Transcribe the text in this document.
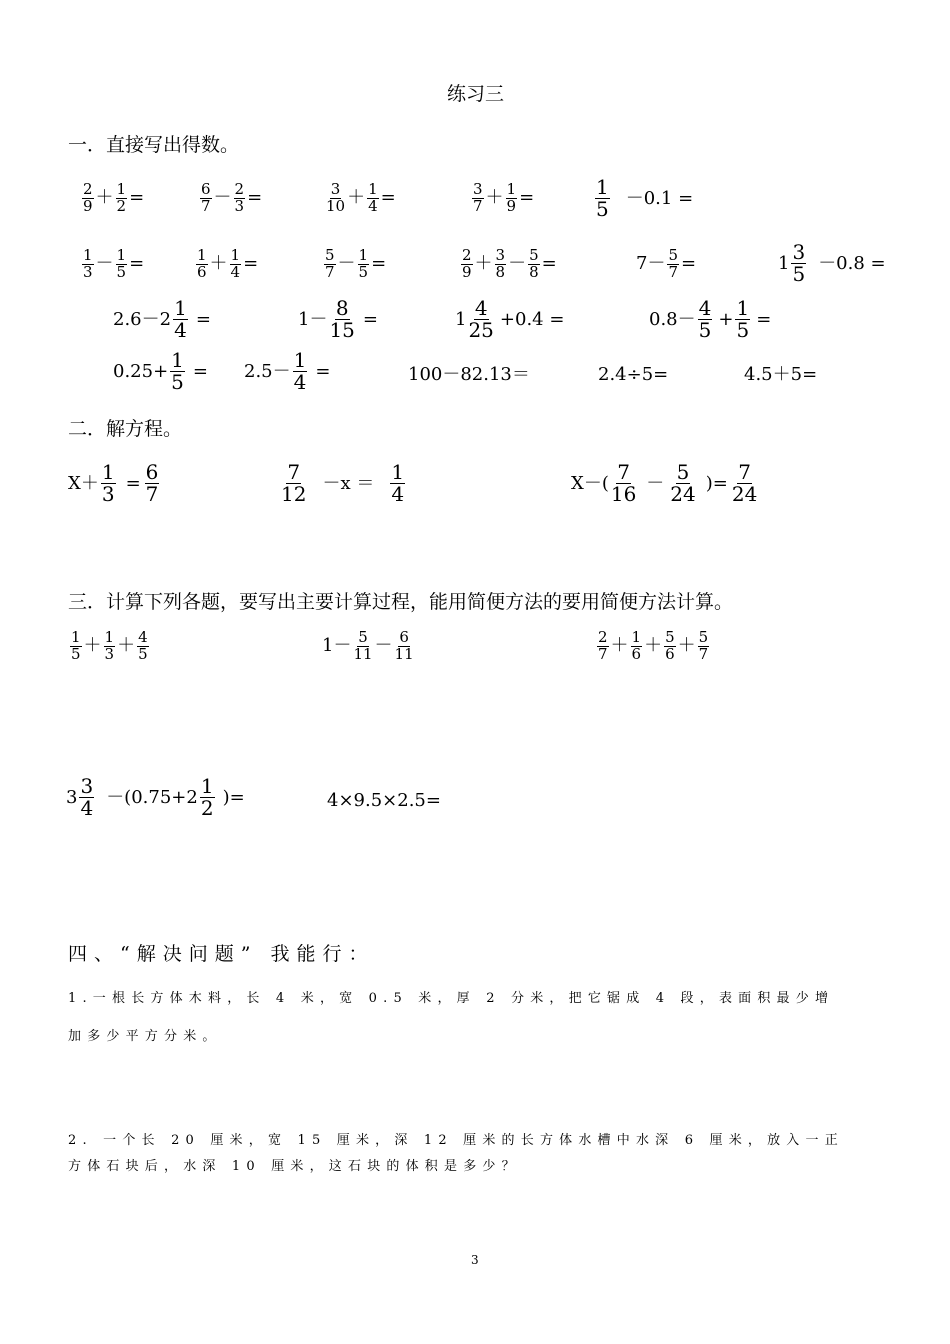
练习三
一．直接写出得数。
$\frac{2}{9} + \frac{1}{2}$ =	$\frac{6}{7} - \frac{2}{3}$ =	$\frac{3}{10} + \frac{1}{4}$ =	$\frac{3}{7} + \frac{1}{9}$ =	$\frac{1}{5} -0.1$ =
$\frac{1}{3} - \frac{1}{5}$ =	$\frac{1}{6} + \frac{1}{4}$ =	$\frac{5}{7} - \frac{1}{5}$ =	$\frac{2}{9} + \frac{3}{8} - \frac{5}{8}$ =	$7- \frac{5}{7}$ =	$1 \frac{3}{5} -0.8$ =
$2.6-2 \frac{1}{4}$ =	$1- \frac{8}{15}$ =	$1 \frac{4}{25} +0.4$ =	$0.8- \frac{4}{5} + \frac{1}{5}$ =
$0.25+ \frac{1}{5} = 2.5- \frac{1}{4}$ =	100－82.13＝	2.4÷5=	4.5＋5=
二．解方程。
$X+ \frac{1}{3} = \frac{6}{7}$	$\frac{7}{12} -x = \frac{1}{4}$	$X-( \frac{7}{16} - \frac{5}{24}$ )= $\frac{7}{24}$
三．计算下列各题，要写出主要计算过程，能用简便方法的要用简便方法计算。
$\frac{1}{5} + \frac{1}{3} + \frac{4}{5}$	$1- \frac{5}{11} - \frac{6}{11}$	$\frac{2}{7} + \frac{1}{6} + \frac{5}{6} + \frac{5}{7}$
$3 \frac{3}{4} -(0.75+2 \frac{1}{2}$ )=	4×9.5×2.5=
四、“解决问题” 我能行：
1.一根长方体木料，长 4 米，宽 0.5 米，厚 2 分米，把它锯成 4 段，表面积最少增
加多少平方分米。
2. 一个长 20 厘米，宽 15 厘米，深 12 厘米的长方体水槽中水深 6 厘米，放入一正
方体石块后，水深 10 厘米，这石块的体积是多少？
3
